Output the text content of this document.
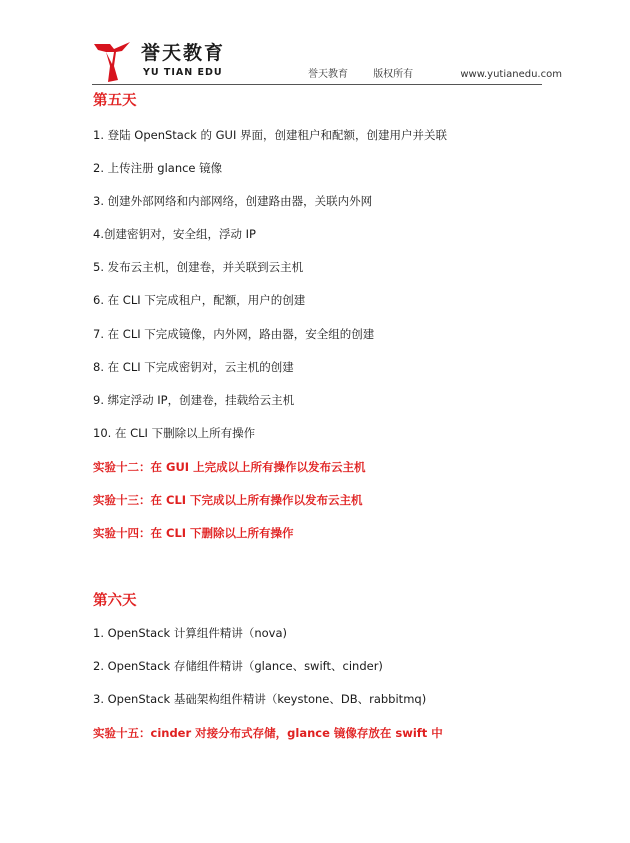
誉天教育
YU TIAN EDU	誉天教育	版权所有	www.yutianedu.com
第五天
1. 登陆 OpenStack 的 GUI 界面，创建租户和配额，创建用户并关联
2. 上传注册 glance 镜像
3. 创建外部网络和内部网络，创建路由器，关联内外网
4.创建密钥对，安全组，浮动 IP
5. 发布云主机，创建卷，并关联到云主机
6. 在 CLI 下完成租户，配额，用户的创建
7. 在 CLI 下完成镜像，内外网，路由器，安全组的创建
8. 在 CLI 下完成密钥对，云主机的创建
9. 绑定浮动 IP，创建卷，挂载给云主机
10. 在 CLI 下删除以上所有操作
实验十二：在 GUI 上完成以上所有操作以发布云主机
实验十三：在 CLI 下完成以上所有操作以发布云主机
实验十四：在 CLI 下删除以上所有操作
第六天
1. OpenStack 计算组件精讲（nova)
2. OpenStack 存储组件精讲（glance、swift、cinder)
3. OpenStack 基础架构组件精讲（keystone、DB、rabbitmq)
实验十五：cinder 对接分布式存储，glance 镜像存放在 swift 中
